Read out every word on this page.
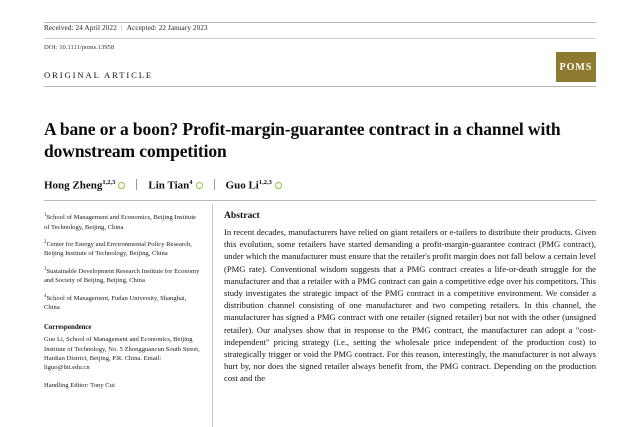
Received: 24 April 2022 | Accepted: 22 January 2023
DOI: 10.1111/poms.13958
POMS
ORIGINAL ARTICLE
A bane or a boon? Profit-margin-guarantee contract in a channel with downstream competition
Hong Zheng$^{1,2,3}$	Lin Tian$^4$	Guo Li$^{1,2,3}$
$^1$School of Management and Economics, Beijing Institute of Technology, Beijing, China
$^2$Center for Energy and Environmental Policy Research, Beijing Institute of Technology, Beijing, China
$^3$Sustainable Development Research Institute for Economy and Society of Beijing, Beijing, China
$^4$School of Management, Fudan University, Shanghai, China
Correspondence
Guo Li, School of Management and Economics, Beijing Institute of Technology, No. 5 Zhongguancun South Street, Haidian District, Beijing, P.R. China. Email: liguo@bit.edu.cn
Handling Editor: Tony Cui
Abstract
In recent decades, manufacturers have relied on giant retailers or e-tailers to distribute their products. Given this evolution, some retailers have started demanding a profit-margin-guarantee contract (PMG contract), under which the manufacturer must ensure that the retailer's profit margin does not fall below a certain level (PMG rate). Conventional wisdom suggests that a PMG contract creates a life-or-death struggle for the manufacturer and that a retailer with a PMG contract can gain a competitive edge over his competitors. This study investigates the strategic impact of the PMG contract in a competitive environment. We consider a distribution channel consisting of one manufacturer and two competing retailers. In this channel, the manufacturer has signed a PMG contract with one retailer (signed retailer) but not with the other (unsigned retailer). Our analyses show that in response to the PMG contract, the manufacturer can adopt a "cost-independent" pricing strategy (i.e., setting the wholesale price independent of the production cost) to strategically trigger or void the PMG contract. For this reason, interestingly, the manufacturer is not always hurt by, nor does the signed retailer always benefit from, the PMG contract. Depending on the production cost and the
